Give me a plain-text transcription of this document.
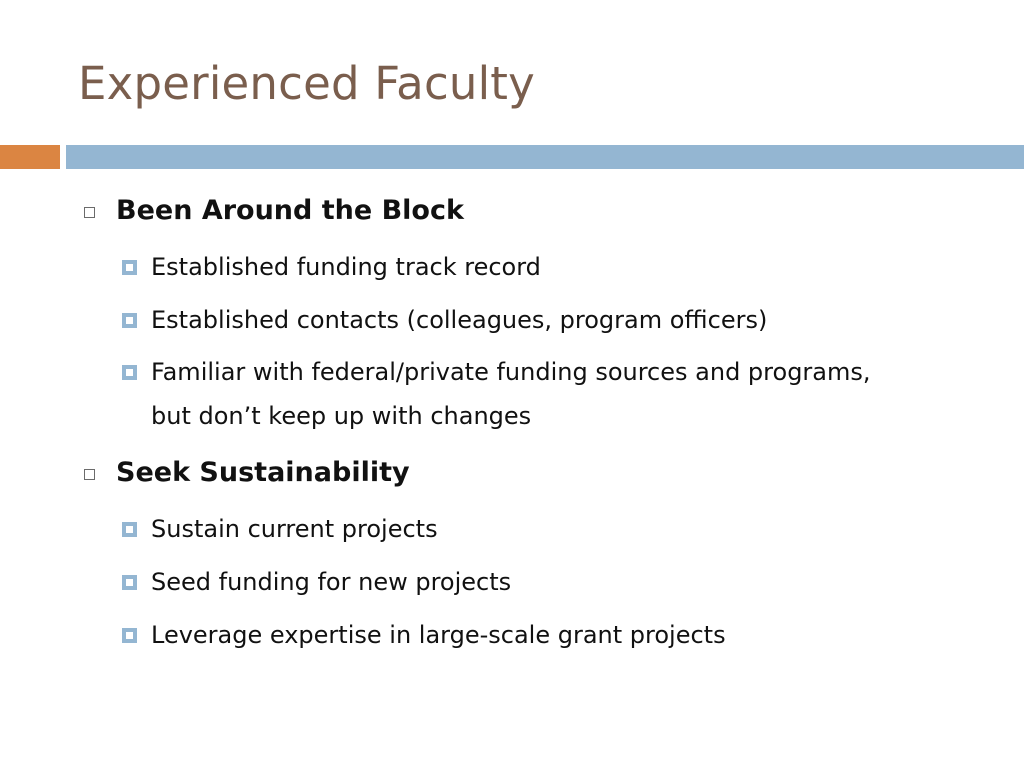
Experienced Faculty
Been Around the Block
Established funding track record
Established contacts (colleagues, program officers)
Familiar with federal/private funding sources and programs, but don’t keep up with changes
Seek Sustainability
Sustain current projects
Seed funding for new projects
Leverage expertise in large-scale grant projects
